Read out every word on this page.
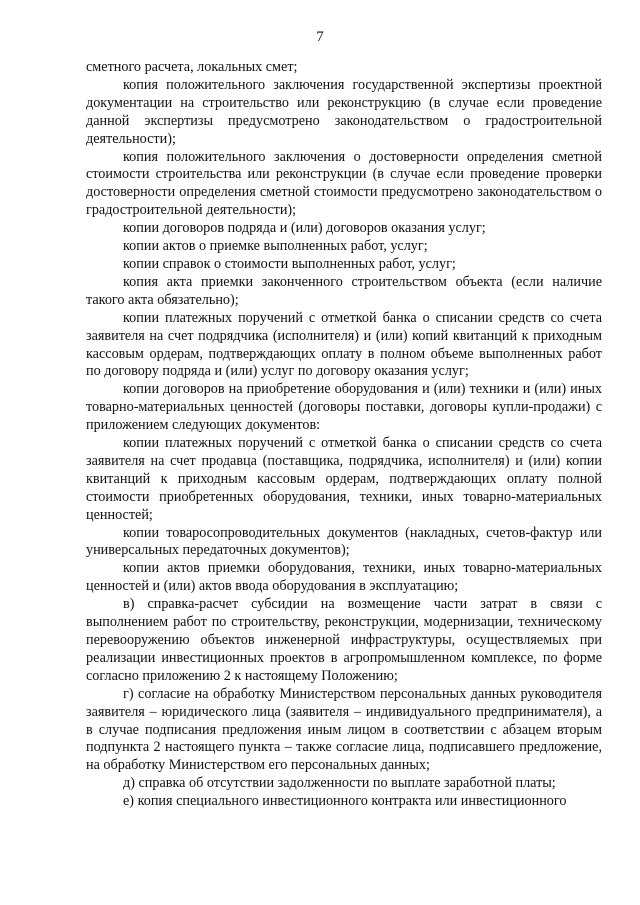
7

сметного расчета, локальных смет;

копия положительного заключения государственной экспертизы проектной документации на строительство или реконструкцию (в случае если проведение данной экспертизы предусмотрено законодательством о градостроительной деятельности);

копия положительного заключения о достоверности определения сметной стоимости строительства или реконструкции (в случае если проведение проверки достоверности определения сметной стоимости предусмотрено законодательством о градостроительной деятельности);

копии договоров подряда и (или) договоров оказания услуг;

копии актов о приемке выполненных работ, услуг;

копии справок о стоимости выполненных работ, услуг;

копия акта приемки законченного строительством объекта (если наличие такого акта обязательно);

копии платежных поручений с отметкой банка о списании средств со счета заявителя на счет подрядчика (исполнителя) и (или) копий квитанций к приходным кассовым ордерам, подтверждающих оплату в полном объеме выполненных работ по договору подряда и (или) услуг по договору оказания услуг;

копии договоров на приобретение оборудования и (или) техники и (или) иных товарно-материальных ценностей (договоры поставки, договоры купли-продажи) с приложением следующих документов:

копии платежных поручений с отметкой банка о списании средств со счета заявителя на счет продавца (поставщика, подрядчика, исполнителя) и (или) копии квитанций к приходным кассовым ордерам, подтверждающих оплату полной стоимости приобретенных оборудования, техники, иных товарно-материальных ценностей;

копии товаросопроводительных документов (накладных, счетов-фактур или универсальных передаточных документов);

копии актов приемки оборудования, техники, иных товарно-материальных ценностей и (или) актов ввода оборудования в эксплуатацию;

в) справка-расчет субсидии на возмещение части затрат в связи с выполнением работ по строительству, реконструкции, модернизации, техническому перевооружению объектов инженерной инфраструктуры, осуществляемых при реализации инвестиционных проектов в агропромышленном комплексе, по форме согласно приложению 2 к настоящему Положению;

г) согласие на обработку Министерством персональных данных руководителя заявителя – юридического лица (заявителя – индивидуального предпринимателя), а в случае подписания предложения иным лицом в соответствии с абзацем вторым подпункта 2 настоящего пункта – также согласие лица, подписавшего предложение, на обработку Министерством его персональных данных;

д) справка об отсутствии задолженности по выплате заработной платы;

е) копия специального инвестиционного контракта или инвестиционного
